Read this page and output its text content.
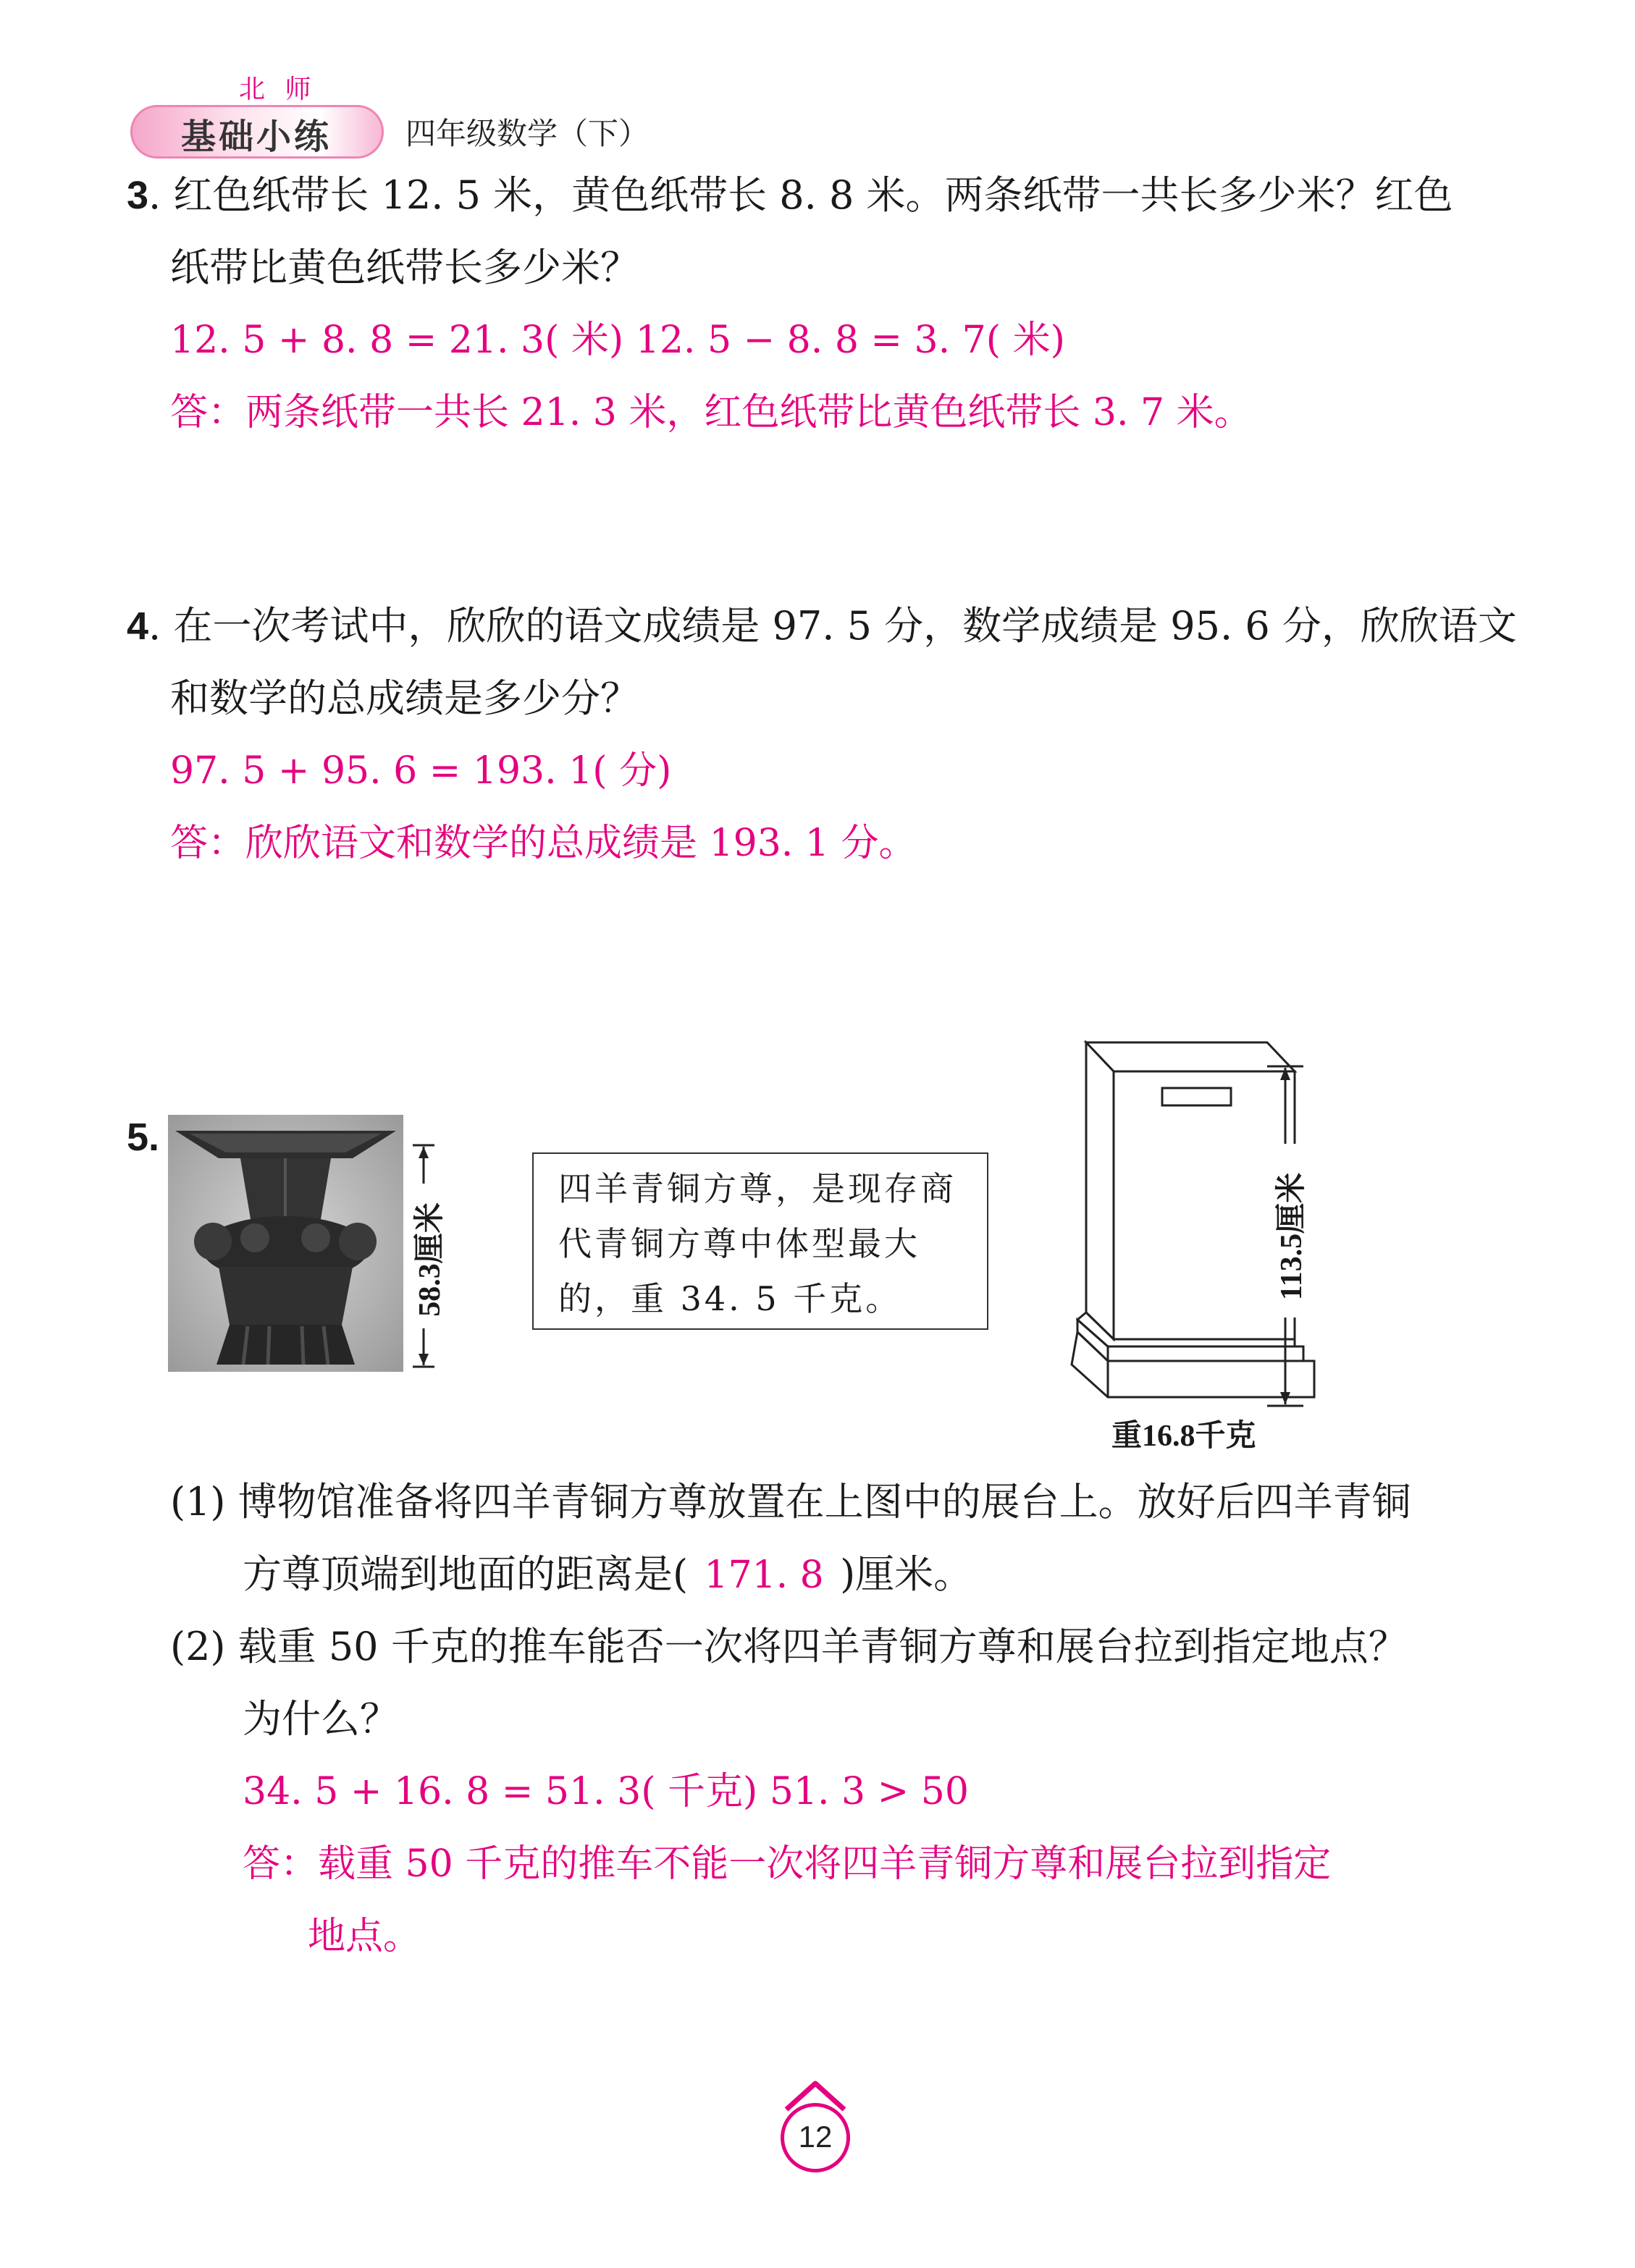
北 师
基础小练 四年级数学（下）
3. 红色纸带长 12. 5 米，黄色纸带长 8. 8 米。两条纸带一共长多少米？红色
纸带比黄色纸带长多少米？
12. 5 + 8. 8 = 21. 3( 米) 12. 5 − 8. 8 = 3. 7( 米)
答：两条纸带一共长 21. 3 米，红色纸带比黄色纸带长 3. 7 米。
4. 在一次考试中，欣欣的语文成绩是 97. 5 分，数学成绩是 95. 6 分，欣欣语文
和数学的总成绩是多少分？
97. 5 + 95. 6 = 193. 1( 分)
答：欣欣语文和数学的总成绩是 193. 1 分。
5.
58.3厘米
四羊青铜方尊，是现存商
代青铜方尊中体型最大
的，重 34. 5 千克。	113.5厘米
重16.8千克
(1) 博物馆准备将四羊青铜方尊放置在上图中的展台上。放好后四羊青铜
方尊顶端到地面的距离是( 171. 8 )厘米。
(2) 载重 50 千克的推车能否一次将四羊青铜方尊和展台拉到指定地点？
为什么？
34. 5 + 16. 8 = 51. 3( 千克) 51. 3 > 50
答：载重 50 千克的推车不能一次将四羊青铜方尊和展台拉到指定
地点。
12
